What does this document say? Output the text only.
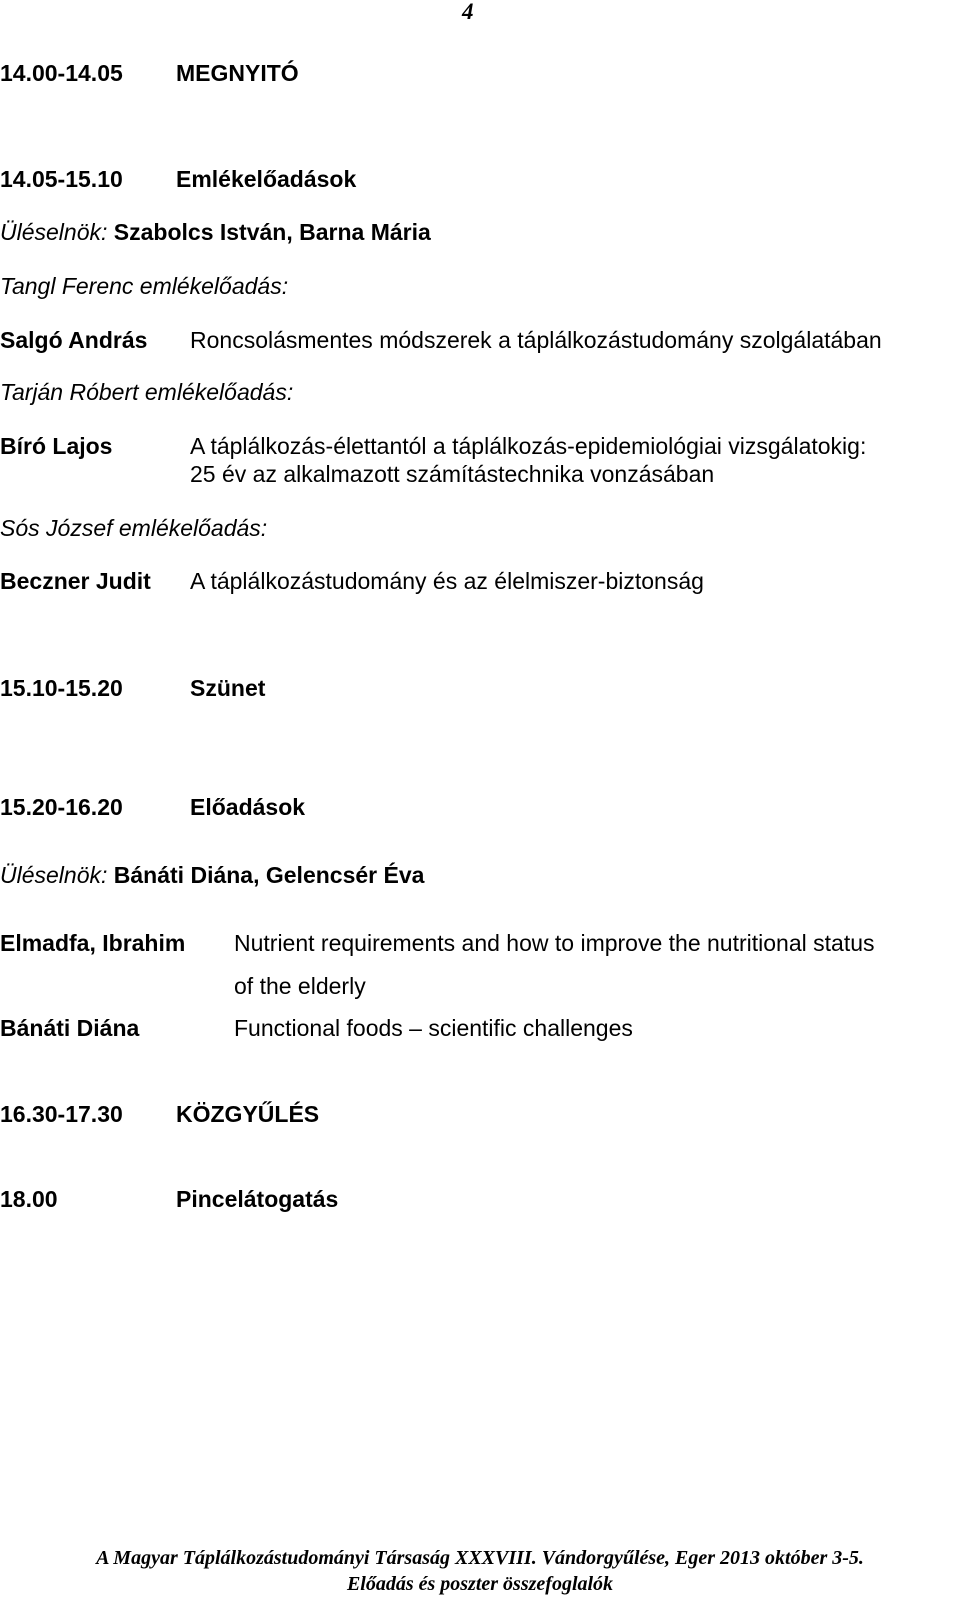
4
14.00-14.05 MEGNYITÓ
14.05-15.10 Emlékelőadások
Üléselnök: Szabolcs István, Barna Mária
Tangl Ferenc emlékelőadás:
Salgó András Roncsolásmentes módszerek a táplálkozástudomány szolgálatában
Tarján Róbert emlékelőadás:
Bíró Lajos	A táplálkozás-élettantól a táplálkozás-epidemiológiai vizsgálatokig:
25 év az alkalmazott számítástechnika vonzásában
Sós József emlékelőadás:
Beczner Judit A táplálkozástudomány és az élelmiszer-biztonság
15.10-15.20	Szünet
15.20-16.20	Előadások
Üléselnök: Bánáti Diána, Gelencsér Éva
Elmadfa, Ibrahim Nutrient requirements and how to improve the nutritional status
of the elderly
Bánáti Diána	Functional foods – scientific challenges
16.30-17.30 KÖZGYŰLÉS
18.00	Pincelátogatás
A Magyar Táplálkozástudományi Társaság XXXVIII. Vándorgyűlése, Eger 2013 október 3-5.
Előadás és poszter összefoglalók
